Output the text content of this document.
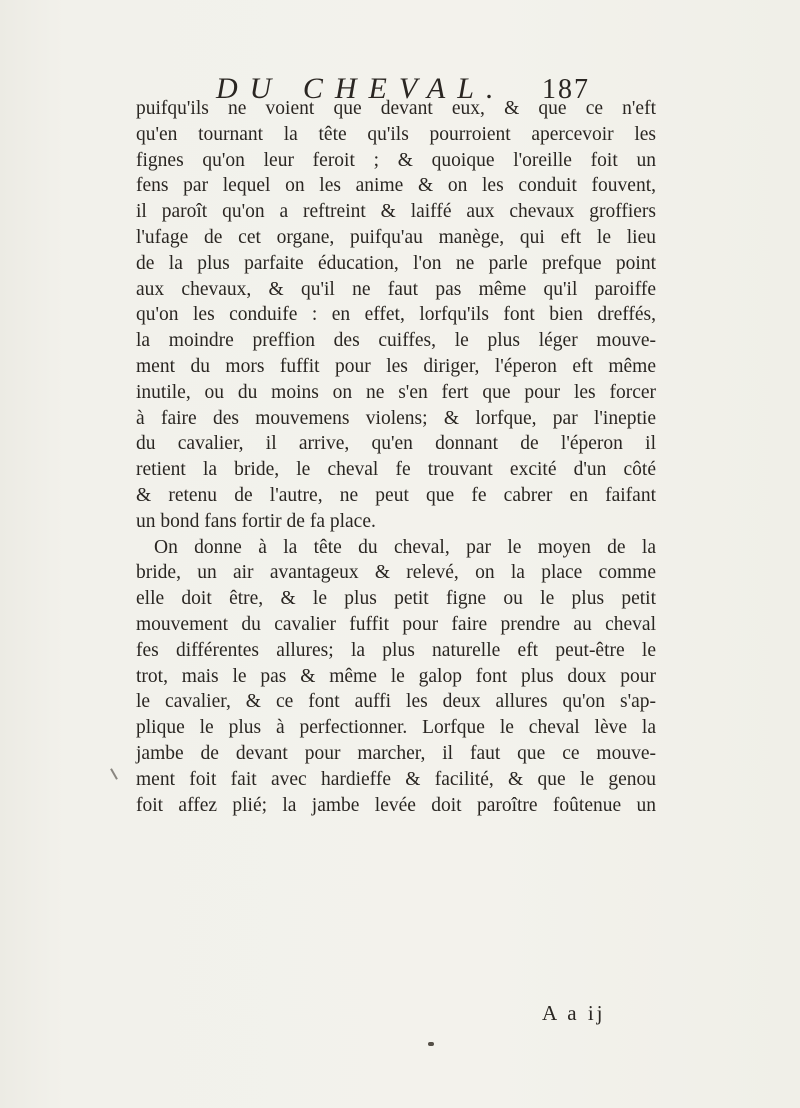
DU CHEVAL. 187
puifqu'ils ne voient que devant eux, & que ce n'eft
qu'en tournant la tête qu'ils pourroient apercevoir les
fignes qu'on leur feroit ; & quoique l'oreille foit un
fens par lequel on les anime & on les conduit fouvent,
il paroît qu'on a reftreint & laiffé aux chevaux groffiers
l'ufage de cet organe, puifqu'au manège, qui eft le lieu
de la plus parfaite éducation, l'on ne parle prefque point
aux chevaux, & qu'il ne faut pas même qu'il paroiffe
qu'on les conduife : en effet, lorfqu'ils font bien dreffés,
la moindre preffion des cuiffes, le plus léger mouve-
ment du mors fuffit pour les diriger, l'éperon eft même
inutile, ou du moins on ne s'en fert que pour les forcer
à faire des mouvemens violens; & lorfque, par l'ineptie
du cavalier, il arrive, qu'en donnant de l'éperon il
retient la bride, le cheval fe trouvant excité d'un côté
& retenu de l'autre, ne peut que fe cabrer en faifant
un bond fans fortir de fa place.
On donne à la tête du cheval, par le moyen de la
bride, un air avantageux & relevé, on la place comme
elle doit être, & le plus petit figne ou le plus petit
mouvement du cavalier fuffit pour faire prendre au cheval
fes différentes allures; la plus naturelle eft peut-être le
trot, mais le pas & même le galop font plus doux pour
le cavalier, & ce font auffi les deux allures qu'on s'ap-
plique le plus à perfectionner. Lorfque le cheval lève la
jambe de devant pour marcher, il faut que ce mouve-
ment foit fait avec hardieffe & facilité, & que le genou
foit affez plié; la jambe levée doit paroître foûtenue un
A a ij
